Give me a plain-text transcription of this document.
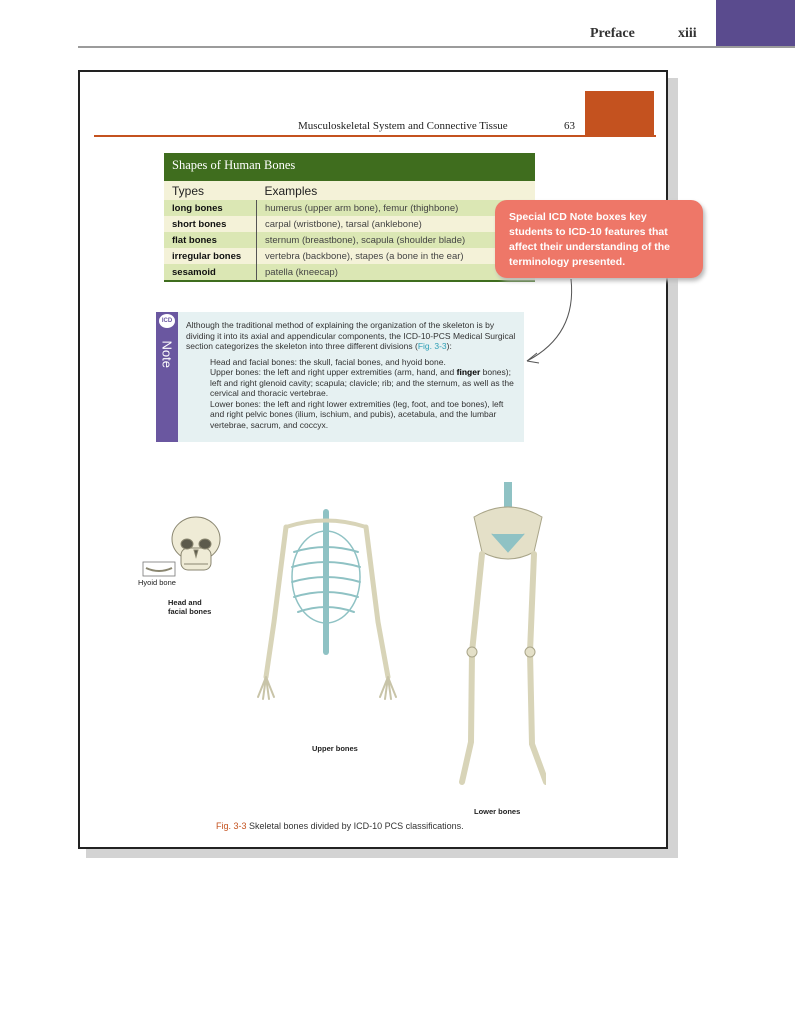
Preface	xiii
Musculoskeletal System and Connective Tissue	63
Shapes of Human Bones
Types	Examples
long bones	humerus (upper arm bone), femur (thighbone)
short bones	carpal (wristbone), tarsal (anklebone)
flat bones	sternum (breastbone), scapula (shoulder blade)
irregular bones	vertebra (backbone), stapes (a bone in the ear)
sesamoid	patella (kneecap)
ICD
Note

Although the traditional method of explaining the organization of the skeleton is by dividing it into its axial and appendicular components, the ICD-10-PCS Medical Surgical section categorizes the skeleton into three different divisions (Fig. 3-3):

Head and facial bones: the skull, facial bones, and hyoid bone.

Upper bones: the left and right upper extremities (arm, hand, and finger bones); left and right glenoid cavity; scapula; clavicle; rib; and the sternum, as well as the cervical and thoracic vertebrae.

Lower bones: the left and right lower extremities (leg, foot, and toe bones), left and right pelvic bones (ilium, ischium, and pubis), acetabula, and the lumbar vertebrae, sacrum, and coccyx.

Hyoid bone
Head and facial bones
Upper bones
Lower bones
Fig. 3-3 Skeletal bones divided by ICD-10 PCS classifications.
Special ICD Note boxes key students to ICD-10 features that affect their understanding of the terminology presented.
